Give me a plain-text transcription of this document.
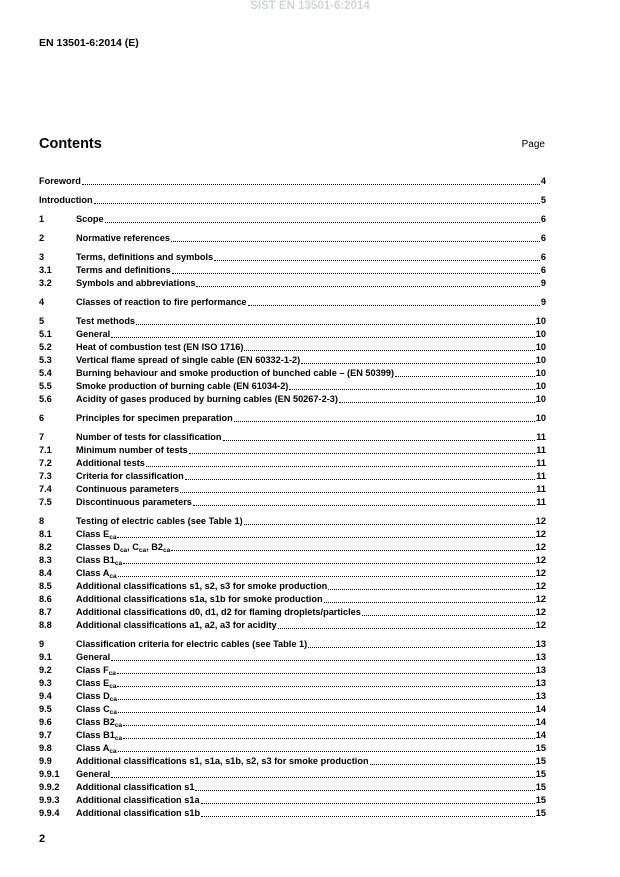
SIST EN 13501-6:2014
EN 13501-6:2014 (E)
Contents	Page
Foreword	4
Introduction	5
1	Scope	6
2	Normative references	6
3	Terms, definitions and symbols	6
3.1	Terms and definitions	6
3.2	Symbols and abbreviations	9
4	Classes of reaction to fire performance	9
5	Test methods	10
5.1	General	10
5.2	Heat of combustion test (EN ISO 1716)	10
5.3	Vertical flame spread of single cable (EN 60332-1-2)	10
5.4	Burning behaviour and smoke production of bunched cable – (EN 50399)	10
5.5	Smoke production of burning cable (EN 61034-2)	10
5.6	Acidity of gases produced by burning cables (EN 50267-2-3)	10
6	Principles for specimen preparation	10
7	Number of tests for classification	11
7.1	Minimum number of tests	11
7.2	Additional tests	11
7.3	Criteria for classification	11
7.4	Continuous parameters	11
7.5	Discontinuous parameters	11
8	Testing of electric cables (see Table 1)	12
8.1	Class $E_{ca}$	12
8.2	Classes $D_{ca}$, $C_{ca}$, $B2_{ca}$	12
8.3	Class $B1_{ca}$	12
8.4	Class $A_{ca}$	12
8.5	Additional classifications s1, s2, s3 for smoke production	12
8.6	Additional classifications s1a, s1b for smoke production	12
8.7	Additional classifications d0, d1, d2 for flaming droplets/particles	12
8.8	Additional classifications a1, a2, a3 for acidity	12
9	Classification criteria for electric cables (see Table 1)	13
9.1	General	13
9.2	Class $F_{ca}$	13
9.3	Class $E_{ca}$	13
9.4	Class $D_{ca}$	13
9.5	Class $C_{ca}$	14
9.6	Class $B2_{ca}$	14
9.7	Class $B1_{ca}$	14
9.8	Class $A_{ca}$	15
9.9	Additional classifications s1, s1a, s1b, s2, s3 for smoke production	15
9.9.1	General	15
9.9.2	Additional classification s1	15
9.9.3	Additional classification s1a	15
9.9.4	Additional classification s1b	15
2
